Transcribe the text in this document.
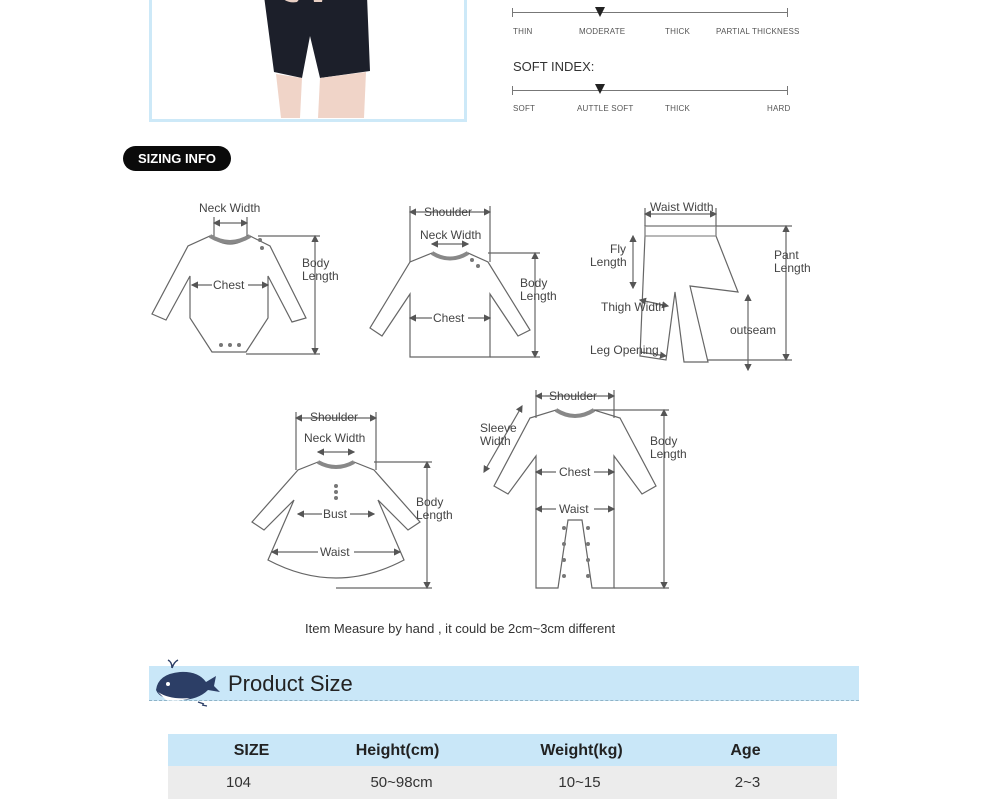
THIN	MODERATE	THICK	PARTIAL THICKNESS
SOFT INDEX:
SOFT	AUTTLE SOFT	THICK	HARD
SIZING INFO
Neck Width
Chest
Body
Length
Shoulder
Neck Width
Chest
Body
Length
Waist Width
Fly
Length	Pant
Length
Thigh Width
outseam
Leg Opening
Shoulder
Neck Width
Bust
Waist
Body
Length
Shoulder
Sleeve
Width
Chest
Waist
Body
Length
Item Measure by hand , it could be 2cm~3cm different
Product Size
SIZE	Height(cm)	Weight(kg)	Age
104	50~98cm	10~15	2~3
